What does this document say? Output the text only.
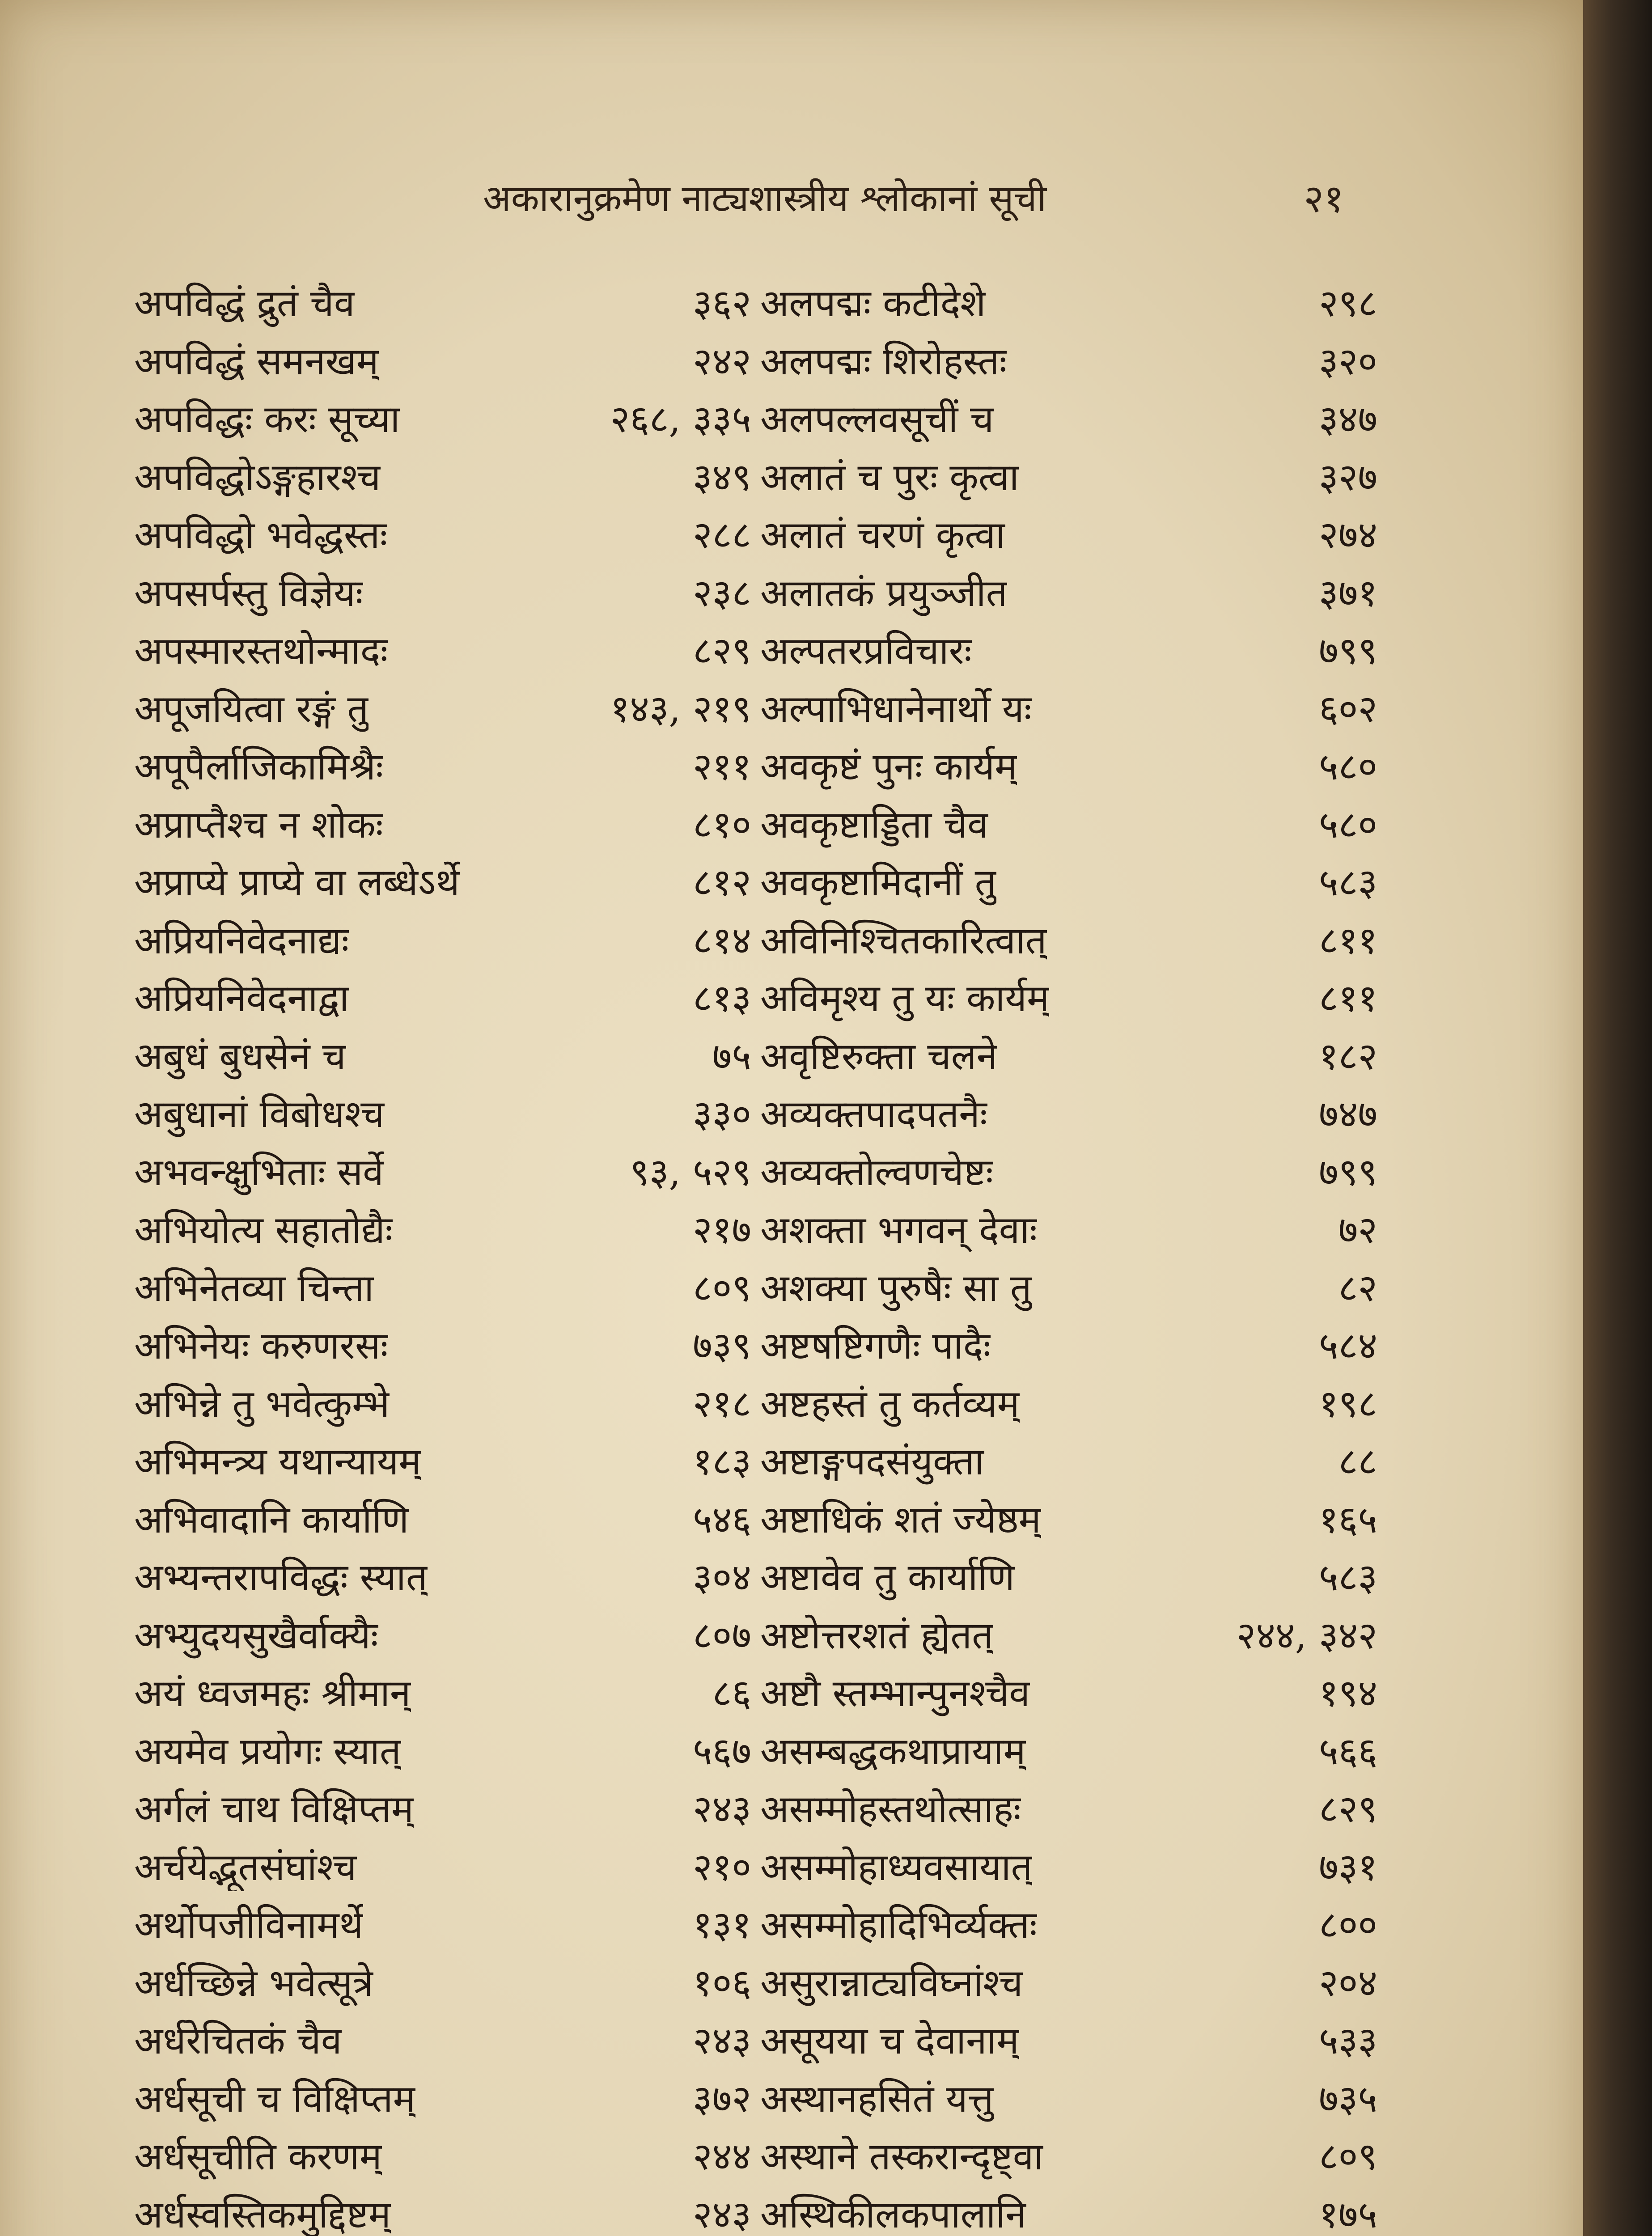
अकारानुक्रमेण नाट्यशास्त्रीय श्लोकानां सूची	२१
अपविद्धं द्रुतं चैव	३६२
अपविद्धं समनखम्	२४२
अपविद्धः करः सूच्या	२६८, ३३५
अपविद्धोऽङ्गहारश्च	३४९
अपविद्धो भवेद्धस्तः	२८८
अपसर्पस्तु विज्ञेयः	२३८
अपस्मारस्तथोन्मादः	८२९
अपूजयित्वा रङ्गं तु	१४३, २१९
अपूपैर्लाजिकामिश्रैः	२११
अप्राप्तैश्च न शोकः	८१०
अप्राप्ये प्राप्ये वा लब्धेऽर्थे	८१२
अप्रियनिवेदनाद्यः	८१४
अप्रियनिवेदनाद्वा	८१३
अबुधं बुधसेनं च	७५
अबुधानां विबोधश्च	३३०
अभवन्क्षुभिताः सर्वे	९३, ५२९
अभियोत्य सहातोद्यैः	२१७
अभिनेतव्या चिन्ता	८०९
अभिनेयः करुणरसः	७३९
अभिन्ने तु भवेत्कुम्भे	२१८
अभिमन्त्र्य यथान्यायम्	१८३
अभिवादानि कार्याणि	५४६
अभ्यन्तरापविद्धः स्यात्	३०४
अभ्युदयसुखैर्वाक्यैः	८०७
अयं ध्वजमहः श्रीमान्	८६
अयमेव प्रयोगः स्यात्	५६७
अर्गलं चाथ विक्षिप्तम्	२४३
अर्चयेद्भूतसंघांश्च	२१०
अर्थोपजीविनामर्थे	१३१
अर्धच्छिन्ने भवेत्सूत्रे	१०६
अर्धरेचितकं चैव	२४३
अर्धसूची च विक्षिप्तम्	३७२
अर्धसूचीति करणम्	२४४
अर्धस्वस्तिकमुद्दिष्टम्	२४३
अलपद्मः कटीदेशे	२९८
अलपद्मः शिरोहस्तः	३२०
अलपल्लवसूचीं च	३४७
अलातं च पुरः कृत्वा	३२७
अलातं चरणं कृत्वा	२७४
अलातकं प्रयुञ्जीत	३७१
अल्पतरप्रविचारः	७९९
अल्पाभिधानेनार्थो यः	६०२
अवकृष्टं पुनः कार्यम्	५८०
अवकृष्टाड्डिता चैव	५८०
अवकृष्टामिदानीं तु	५८३
अविनिश्चितकारित्वात्	८११
अविमृश्य तु यः कार्यम्	८११
अवृष्टिरुक्ता चलने	१८२
अव्यक्तपादपतनैः	७४७
अव्यक्तोल्वणचेष्टः	७९९
अशक्ता भगवन् देवाः	७२
अशक्या पुरुषैः सा तु	८२
अष्टषष्टिगणैः पादैः	५८४
अष्टहस्तं तु कर्तव्यम्	१९८
अष्टाङ्गपदसंयुक्ता	८८
अष्टाधिकं शतं ज्येष्ठम्	१६५
अष्टावेव तु कार्याणि	५८३
अष्टोत्तरशतं ह्येतत्	२४४, ३४२
अष्टौ स्तम्भान्पुनश्चैव	१९४
असम्बद्धकथाप्रायाम्	५६६
असम्मोहस्तथोत्साहः	८२९
असम्मोहाध्यवसायात्	७३१
असम्मोहादिभिर्व्यक्तः	८००
असुरान्नाट्यविघ्नांश्च	२०४
असूयया च देवानाम्	५३३
अस्थानहसितं यत्तु	७३५
अस्थाने तस्करान्दृष्ट्वा	८०९
अस्थिकीलकपालानि	१७५
